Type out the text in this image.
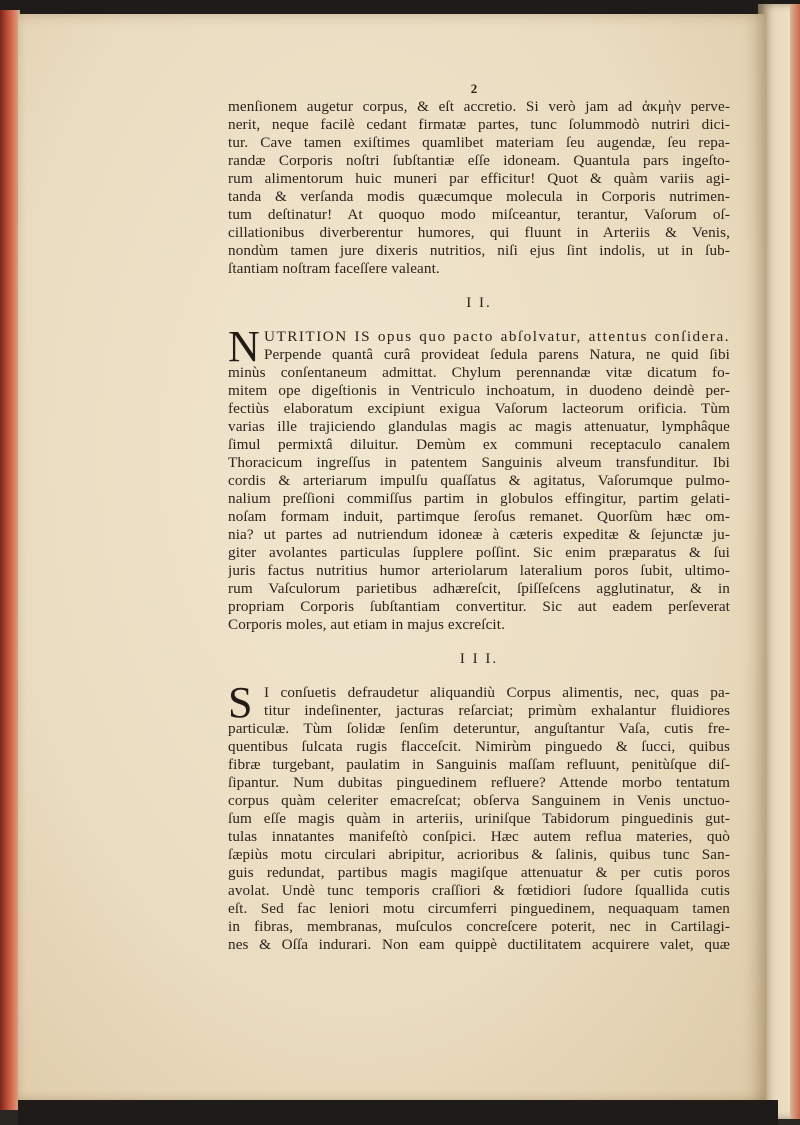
2
menſionem augetur corpus, & eſt accretio. Si verò jam ad ἀκμὴν perve-
nerit, neque facilè cedant firmatæ partes, tunc ſolummodò nutriri dici-
tur. Cave tamen exiſtimes quamlibet materiam ſeu augendæ, ſeu repa-
randæ Corporis noſtri ſubſtantiæ eſſe idoneam. Quantula pars ingeſto-
rum alimentorum huic muneri par efficitur! Quot & quàm variis agi-
tanda & verſanda modis quæcumque molecula in Corporis nutrimen-
tum deſtinatur! At quoquo modo miſceantur, terantur, Vaſorum oſ-
cillationibus diverberentur humores, qui fluunt in Arteriis & Venis,
nondùm tamen jure dixeris nutritios, niſi ejus ſint indolis, ut in ſub-
ſtantiam noſtram faceſſere valeant.
I I.
N UTRITION IS opus quo pacto abſolvatur, attentus conſidera.
Perpende quantâ curâ provideat ſedula parens Natura, ne quid ſibi
minùs conſentaneum admittat. Chylum perennandæ vitæ dicatum fo-
mitem ope digeſtionis in Ventriculo inchoatum, in duodeno deindè per-
fectiùs elaboratum excipiunt exigua Vaſorum lacteorum orificia. Tùm
varias ille trajiciendo glandulas magis ac magis attenuatur, lymphâque
ſimul permixtâ diluitur. Demùm ex communi receptaculo canalem
Thoracicum ingreſſus in patentem Sanguinis alveum transfunditur. Ibi
cordis & arteriarum impulſu quaſſatus & agitatus, Vaſorumque pulmo-
nalium preſſioni commiſſus partim in globulos effingitur, partim gelati-
noſam formam induit, partimque ſeroſus remanet. Quorſùm hæc om-
nia? ut partes ad nutriendum idoneæ à cæteris expeditæ & ſejunctæ ju-
giter avolantes particulas ſupplere poſſint. Sic enim præparatus & ſui
juris factus nutritius humor arteriolarum lateralium poros ſubit, ultimo-
rum Vaſculorum parietibus adhæreſcit, ſpiſſeſcens agglutinatur, & in
propriam Corporis ſubſtantiam convertitur. Sic aut eadem perſeverat
Corporis moles, aut etiam in majus excreſcit.
I I I.
S I conſuetis defraudetur aliquandiù Corpus alimentis, nec, quas pa-
titur indeſinenter, jacturas reſarciat; primùm exhalantur fluidiores
particulæ. Tùm ſolidæ ſenſim deteruntur, anguſtantur Vaſa, cutis fre-
quentibus ſulcata rugis flacceſcit. Nimirùm pinguedo & ſucci, quibus
fibræ turgebant, paulatim in Sanguinis maſſam refluunt, penitùſque diſ-
ſipantur. Num dubitas pinguedinem refluere? Attende morbo tentatum
corpus quàm celeriter emacreſcat; obſerva Sanguinem in Venis unctuo-
ſum eſſe magis quàm in arteriis, uriniſque Tabidorum pinguedinis gut-
tulas innatantes manifeſtò conſpici. Hæc autem reflua materies, quò
ſæpiùs motu circulari abripitur, acrioribus & ſalinis, quibus tunc San-
guis redundat, partibus magis magiſque attenuatur & per cutis poros
avolat. Undè tunc temporis craſſiori & fœtidiori ſudore ſquallida cutis
eſt. Sed fac leniori motu circumferri pinguedinem, nequaquam tamen
in fibras, membranas, muſculos concreſcere poterit, nec in Cartilagi-
nes & Oſſa indurari. Non eam quippè ductilitatem acquirere valet, quæ
